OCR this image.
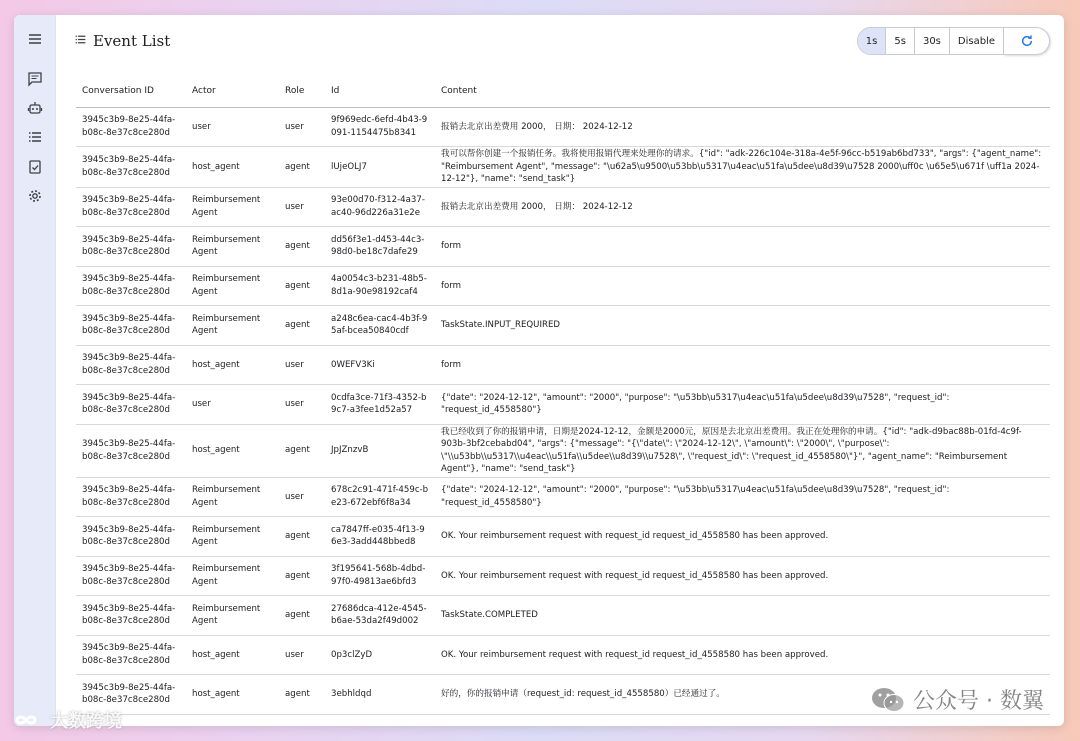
Event List	1s	5s	30s	Disable
Conversation ID	Actor	Role	Id	Content
3945c3b9-8e25-44fa-b08c-8e37c8ce280d	user	user	9f969edc-6efd-4b43-9091-1154475b8341	报销去北京出差费用 2000， 日期： 2024-12-12
3945c3b9-8e25-44fa-b08c-8e37c8ce280d	host_agent	agent	lUjeOLJ7	我可以帮你创建一个报销任务。我将使用报销代理来处理你的请求。{"id": "adk-226c104e-318a-4e5f-96cc-b519ab6bd733", "args": {"agent_name": "Reimbursement Agent", "message": "\u62a5\u9500\u53bb\u5317\u4eac\u51fa\u5dee\u8d39\u7528 2000\uff0c \u65e5\u671f \uff1a 2024-12-12"}, "name": "send_task"}
3945c3b9-8e25-44fa-b08c-8e37c8ce280d	Reimbursement Agent	user	93e00d70-f312-4a37-ac40-96d226a31e2e	报销去北京出差费用 2000， 日期： 2024-12-12
3945c3b9-8e25-44fa-b08c-8e37c8ce280d	Reimbursement Agent	agent	dd56f3e1-d453-44c3-98d0-be18c7dafe29	form
3945c3b9-8e25-44fa-b08c-8e37c8ce280d	Reimbursement Agent	agent	4a0054c3-b231-48b5-8d1a-90e98192caf4	form
3945c3b9-8e25-44fa-b08c-8e37c8ce280d	Reimbursement Agent	agent	a248c6ea-cac4-4b3f-95af-bcea50840cdf	TaskState.INPUT_REQUIRED
3945c3b9-8e25-44fa-b08c-8e37c8ce280d	host_agent	user	0WEFV3Ki	form
3945c3b9-8e25-44fa-b08c-8e37c8ce280d	user	user	0cdfa3ce-71f3-4352-b9c7-a3fee1d52a57	{"date": "2024-12-12", "amount": "2000", "purpose": "\u53bb\u5317\u4eac\u51fa\u5dee\u8d39\u7528", "request_id": "request_id_4558580"}
3945c3b9-8e25-44fa-b08c-8e37c8ce280d	host_agent	agent	JpJZnzvB	我已经收到了你的报销申请，日期是2024-12-12，金额是2000元，原因是去北京出差费用。我正在处理你的申请。{"id": "adk-d9bac88b-01fd-4c9f-903b-3bf2cebabd04", "args": {"message": "{\"date\": \"2024-12-12\", \"amount\": \"2000\", \"purpose\": \"\\u53bb\\u5317\\u4eac\\u51fa\\u5dee\\u8d39\\u7528\", \"request_id\": \"request_id_4558580\"}", "agent_name": "Reimbursement Agent"}, "name": "send_task"}
3945c3b9-8e25-44fa-b08c-8e37c8ce280d	Reimbursement Agent	user	678c2c91-471f-459c-be23-672ebf6f8a34	{"date": "2024-12-12", "amount": "2000", "purpose": "\u53bb\u5317\u4eac\u51fa\u5dee\u8d39\u7528", "request_id": "request_id_4558580"}
3945c3b9-8e25-44fa-b08c-8e37c8ce280d	Reimbursement Agent	agent	ca7847ff-e035-4f13-96e3-3add448bbed8	OK. Your reimbursement request with request_id request_id_4558580 has been approved.
3945c3b9-8e25-44fa-b08c-8e37c8ce280d	Reimbursement Agent	agent	3f195641-568b-4dbd-97f0-49813ae6bfd3	OK. Your reimbursement request with request_id request_id_4558580 has been approved.
3945c3b9-8e25-44fa-b08c-8e37c8ce280d	Reimbursement Agent	agent	27686dca-412e-4545-b6ae-53da2f49d002	TaskState.COMPLETED
3945c3b9-8e25-44fa-b08c-8e37c8ce280d	host_agent	user	0p3clZyD	OK. Your reimbursement request with request_id request_id_4558580 has been approved.
3945c3b9-8e25-44fa-b08c-8e37c8ce280d	host_agent	agent	3ebhldqd	好的，你的报销申请（request_id: request_id_4558580）已经通过了。	公众号 · 数翼
大数跨境
